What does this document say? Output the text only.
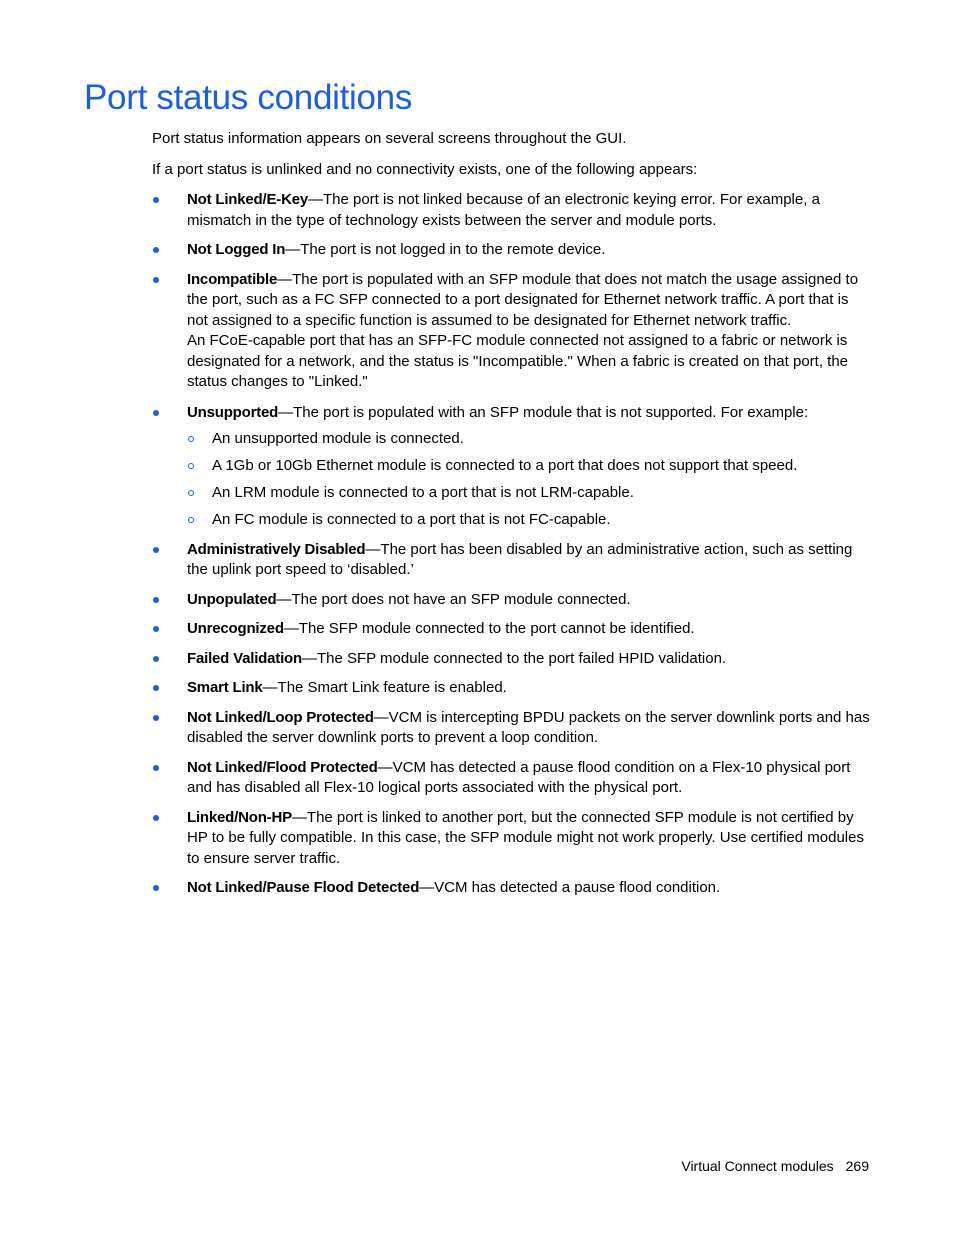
Port status conditions

Port status information appears on several screens throughout the GUI.

If a port status is unlinked and no connectivity exists, one of the following appears:

Not Linked/E-Key—The port is not linked because of an electronic keying error. For example, a mismatch in the type of technology exists between the server and module ports.
Not Logged In—The port is not logged in to the remote device.
Incompatible—The port is populated with an SFP module that does not match the usage assigned to the port, such as a FC SFP connected to a port designated for Ethernet network traffic. A port that is not assigned to a specific function is assumed to be designated for Ethernet network traffic.

An FCoE-capable port that has an SFP-FC module connected not assigned to a fabric or network is designated for a network, and the status is "Incompatible." When a fabric is created on that port, the status changes to "Linked."

Unsupported—The port is populated with an SFP module that is not supported. For example:
An unsupported module is connected.
A 1Gb or 10Gb Ethernet module is connected to a port that does not support that speed.
An LRM module is connected to a port that is not LRM-capable.
An FC module is connected to a port that is not FC-capable.
Administratively Disabled—The port has been disabled by an administrative action, such as setting the uplink port speed to ‘disabled.’
Unpopulated—The port does not have an SFP module connected.
Unrecognized—The SFP module connected to the port cannot be identified.
Failed Validation—The SFP module connected to the port failed HPID validation.
Smart Link—The Smart Link feature is enabled.
Not Linked/Loop Protected—VCM is intercepting BPDU packets on the server downlink ports and has disabled the server downlink ports to prevent a loop condition.
Not Linked/Flood Protected—VCM has detected a pause flood condition on a Flex-10 physical port and has disabled all Flex-10 logical ports associated with the physical port.
Linked/Non-HP—The port is linked to another port, but the connected SFP module is not certified by HP to be fully compatible. In this case, the SFP module might not work properly. Use certified modules to ensure server traffic.
Not Linked/Pause Flood Detected—VCM has detected a pause flood condition.
Virtual Connect modules 269
